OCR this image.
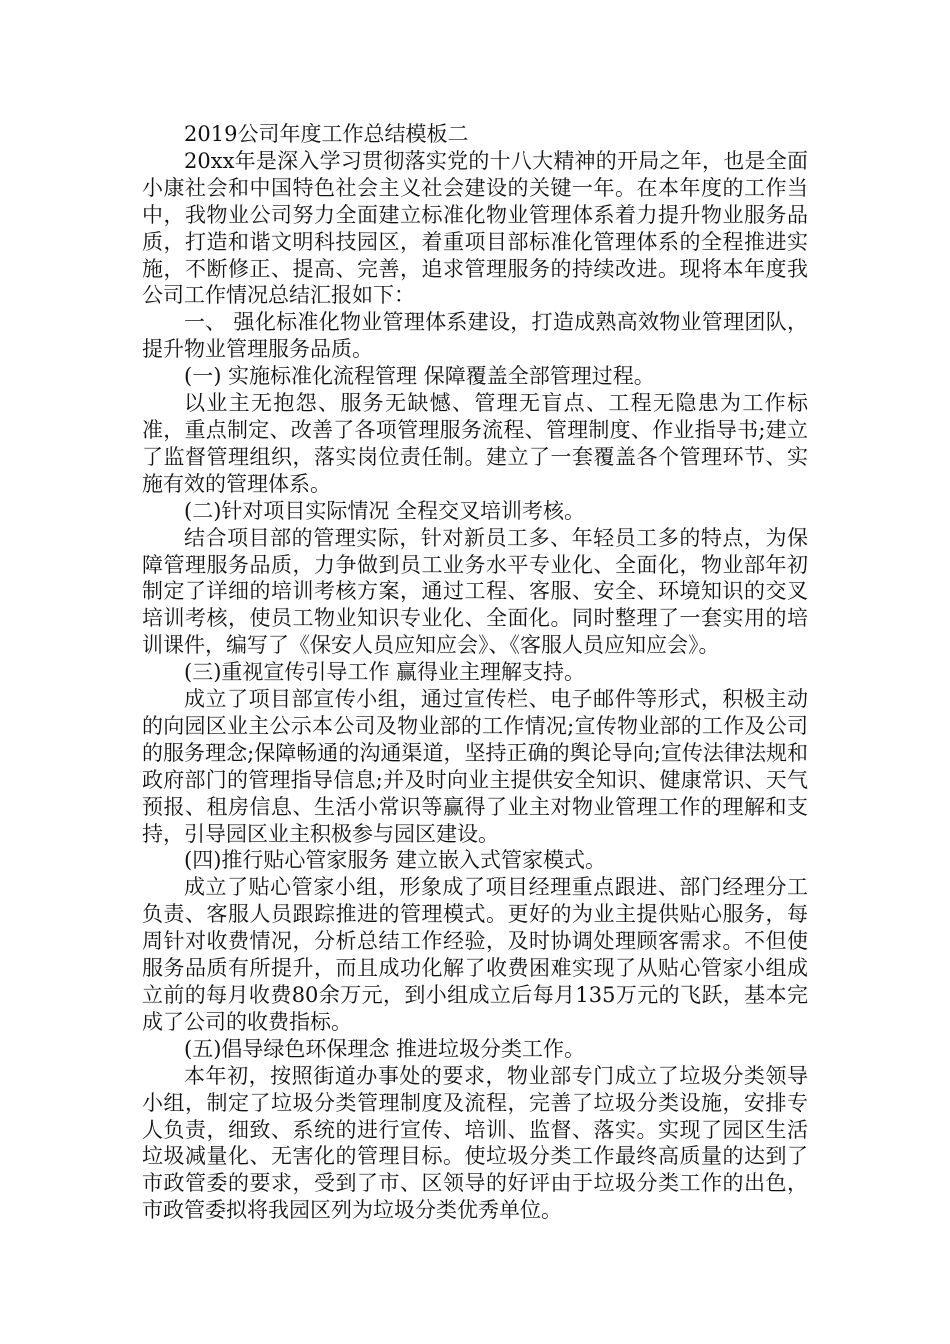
2019公司年度工作总结模板二

20xx年是深入学习贯彻落实党的十八大精神的开局之年，也是全面小康社会和中国特色社会主义社会建设的关键一年。在本年度的工作当中，我物业公司努力全面建立标准化物业管理体系着力提升物业服务品质，打造和谐文明科技园区，着重项目部标准化管理体系的全程推进实施，不断修正、提高、完善，追求管理服务的持续改进。现将本年度我公司工作情况总结汇报如下：

一、 强化标准化物业管理体系建设，打造成熟高效物业管理团队，提升物业管理服务品质。

(一) 实施标准化流程管理 保障覆盖全部管理过程。

以业主无抱怨、服务无缺憾、管理无盲点、工程无隐患为工作标准，重点制定、改善了各项管理服务流程、管理制度、作业指导书;建立了监督管理组织，落实岗位责任制。建立了一套覆盖各个管理环节、实施有效的管理体系。

(二)针对项目实际情况 全程交叉培训考核。

结合项目部的管理实际，针对新员工多、年轻员工多的特点，为保障管理服务品质，力争做到员工业务水平专业化、全面化，物业部年初制定了详细的培训考核方案，通过工程、客服、安全、环境知识的交叉培训考核，使员工物业知识专业化、全面化。同时整理了一套实用的培训课件，编写了《保安人员应知应会》、《客服人员应知应会》。

(三)重视宣传引导工作 赢得业主理解支持。

成立了项目部宣传小组，通过宣传栏、电子邮件等形式，积极主动的向园区业主公示本公司及物业部的工作情况;宣传物业部的工作及公司的服务理念;保障畅通的沟通渠道，坚持正确的舆论导向;宣传法律法规和政府部门的管理指导信息;并及时向业主提供安全知识、健康常识、天气预报、租房信息、生活小常识等赢得了业主对物业管理工作的理解和支持，引导园区业主积极参与园区建设。

(四)推行贴心管家服务 建立嵌入式管家模式。

成立了贴心管家小组，形象成了项目经理重点跟进、部门经理分工负责、客服人员跟踪推进的管理模式。更好的为业主提供贴心服务，每周针对收费情况，分析总结工作经验，及时协调处理顾客需求。不但使服务品质有所提升，而且成功化解了收费困难实现了从贴心管家小组成立前的每月收费80余万元，到小组成立后每月135万元的飞跃，基本完成了公司的收费指标。

(五)倡导绿色环保理念 推进垃圾分类工作。

本年初，按照街道办事处的要求，物业部专门成立了垃圾分类领导小组，制定了垃圾分类管理制度及流程，完善了垃圾分类设施，安排专人负责，细致、系统的进行宣传、培训、监督、落实。实现了园区生活垃圾减量化、无害化的管理目标。使垃圾分类工作最终高质量的达到了市政管委的要求，受到了市、区领导的好评由于垃圾分类工作的出色，市政管委拟将我园区列为垃圾分类优秀单位。
